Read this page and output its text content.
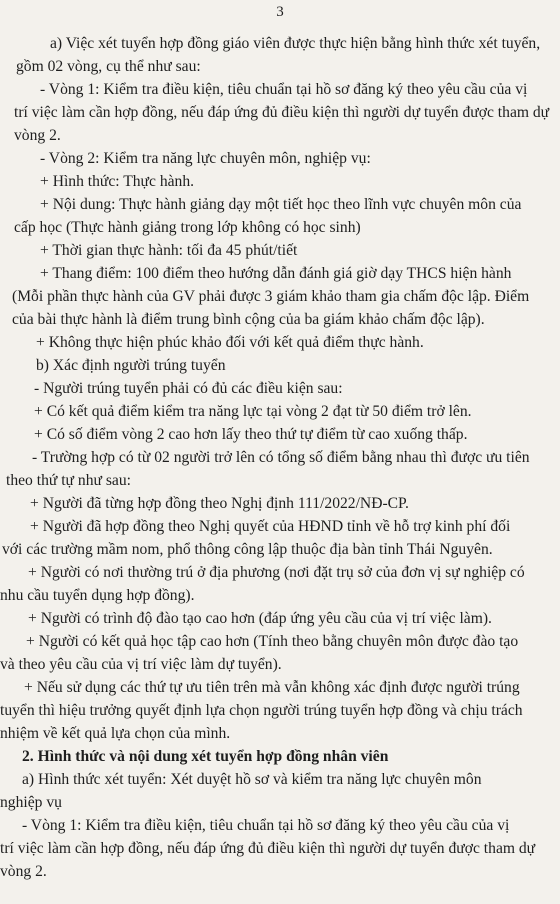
3
a) Việc xét tuyển hợp đồng giáo viên được thực hiện bằng hình thức xét tuyển,
gồm 02 vòng, cụ thể như sau:
- Vòng 1: Kiểm tra điều kiện, tiêu chuẩn tại hồ sơ đăng ký theo yêu cầu của vị
trí việc làm cần hợp đồng, nếu đáp ứng đủ điều kiện thì người dự tuyển được tham dự
vòng 2.
- Vòng 2: Kiểm tra năng lực chuyên môn, nghiệp vụ:
+ Hình thức: Thực hành.
+ Nội dung: Thực hành giảng dạy một tiết học theo lĩnh vực chuyên môn của
cấp học (Thực hành giảng trong lớp không có học sinh)
+ Thời gian thực hành: tối đa 45 phút/tiết
+ Thang điểm: 100 điểm theo hướng dẫn đánh giá giờ dạy THCS hiện hành
(Mỗi phần thực hành của GV phải được 3 giám khảo tham gia chấm độc lập. Điểm
của bài thực hành là điểm trung bình cộng của ba giám khảo chấm độc lập).
+ Không thực hiện phúc khảo đối với kết quả điểm thực hành.
b) Xác định người trúng tuyển
- Người trúng tuyển phải có đủ các điều kiện sau:
+ Có kết quả điểm kiểm tra năng lực tại vòng 2 đạt từ 50 điểm trở lên.
+ Có số điểm vòng 2 cao hơn lấy theo thứ tự điểm từ cao xuống thấp.
- Trường hợp có từ 02 người trở lên có tổng số điểm bằng nhau thì được ưu tiên
theo thứ tự như sau:
+ Người đã từng hợp đồng theo Nghị định 111/2022/NĐ-CP.
+ Người đã hợp đồng theo Nghị quyết của HĐND tỉnh về hỗ trợ kinh phí đối
với các trường mầm nom, phổ thông công lập thuộc địa bàn tỉnh Thái Nguyên.
+ Người có nơi thường trú ở địa phương (nơi đặt trụ sở của đơn vị sự nghiệp có
nhu cầu tuyển dụng hợp đồng).
+ Người có trình độ đào tạo cao hơn (đáp ứng yêu cầu của vị trí việc làm).
+ Người có kết quả học tập cao hơn (Tính theo bằng chuyên môn được đào tạo
và theo yêu cầu của vị trí việc làm dự tuyển).
+ Nếu sử dụng các thứ tự ưu tiên trên mà vẫn không xác định được người trúng
tuyển thì hiệu trưởng quyết định lựa chọn người trúng tuyển hợp đồng và chịu trách
nhiệm về kết quả lựa chọn của mình.
2. Hình thức và nội dung xét tuyển hợp đồng nhân viên
a) Hình thức xét tuyển: Xét duyệt hồ sơ và kiểm tra năng lực chuyên môn
nghiệp vụ
- Vòng 1: Kiểm tra điều kiện, tiêu chuẩn tại hồ sơ đăng ký theo yêu cầu của vị
trí việc làm cần hợp đồng, nếu đáp ứng đủ điều kiện thì người dự tuyển được tham dự
vòng 2.
